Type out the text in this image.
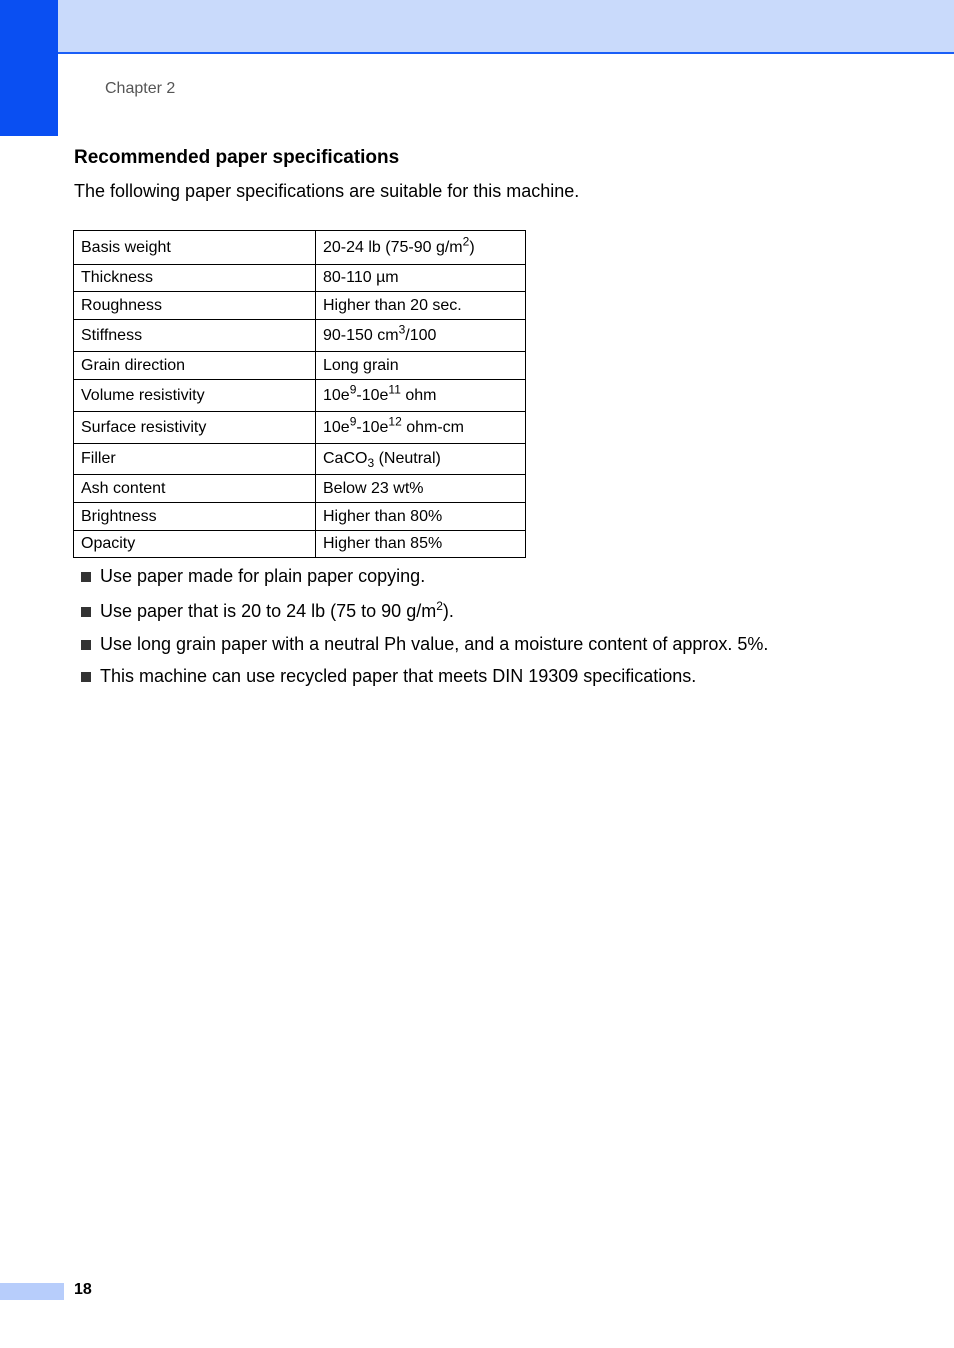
Chapter 2
Recommended paper specifications

The following paper specifications are suitable for this machine.

Basis weight	20-24 lb (75-90 $g/m^2$)
Thickness	80-110 µm
Roughness	Higher than 20 sec.
Stiffness	90-150 $cm^3/100$
Grain direction	Long grain
Volume resistivity	$10e^9-10e^{11}$ ohm
Surface resistivity	$10e^9-10e^{12}$ ohm-cm
Filler	CaCO$_3$ (Neutral)
Ash content	Below 23 wt%
Brightness	Higher than 80%
Opacity	Higher than 85%
Use paper made for plain paper copying.
Use paper that is 20 to 24 lb (75 to 90 $g/m^2$).
Use long grain paper with a neutral Ph value, and a moisture content of approx. 5%.
This machine can use recycled paper that meets DIN 19309 specifications.
18
